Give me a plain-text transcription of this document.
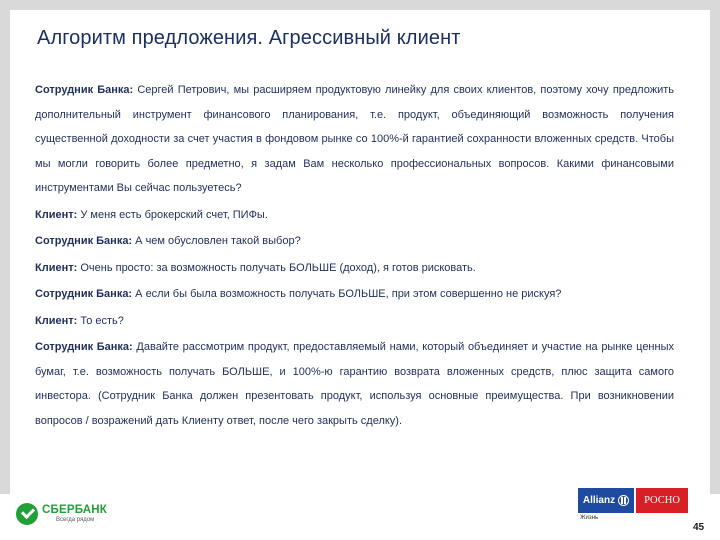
Алгоритм предложения. Агрессивный клиент

Сотрудник Банка: Сергей Петрович, мы расширяем продуктовую линейку для своих клиентов, поэтому хочу предложить дополнительный инструмент финансового планирования, т.е. продукт, объединяющий возможность получения существенной доходности за счет участия в фондовом рынке со 100%-й гарантией сохранности вложенных средств. Чтобы мы могли говорить более предметно, я задам Вам несколько профессиональных вопросов. Какими финансовыми инструментами Вы сейчас пользуетесь?

Клиент: У меня есть брокерский счет, ПИФы.

Сотрудник Банка: А чем обусловлен такой выбор?

Клиент: Очень просто: за возможность получать БОЛЬШЕ (доход), я готов рисковать.

Сотрудник Банка: А если бы была возможность получать БОЛЬШЕ, при этом совершенно не рискуя?

Клиент: То есть?

Сотрудник Банка: Давайте рассмотрим продукт, предоставляемый нами, который объединяет и участие на рынке ценных бумаг, т.е. возможность получать БОЛЬШЕ, и 100%-ю гарантию возврата вложенных средств, плюс защита самого инвестора. (Сотрудник Банка должен презентовать продукт, используя основные преимущества. При возникновении вопросов / возражений дать Клиенту ответ, после чего закрыть сделку).

СБЕРБАНК
Всегда рядом
Allianz	РОСНО
Жизнь
45
